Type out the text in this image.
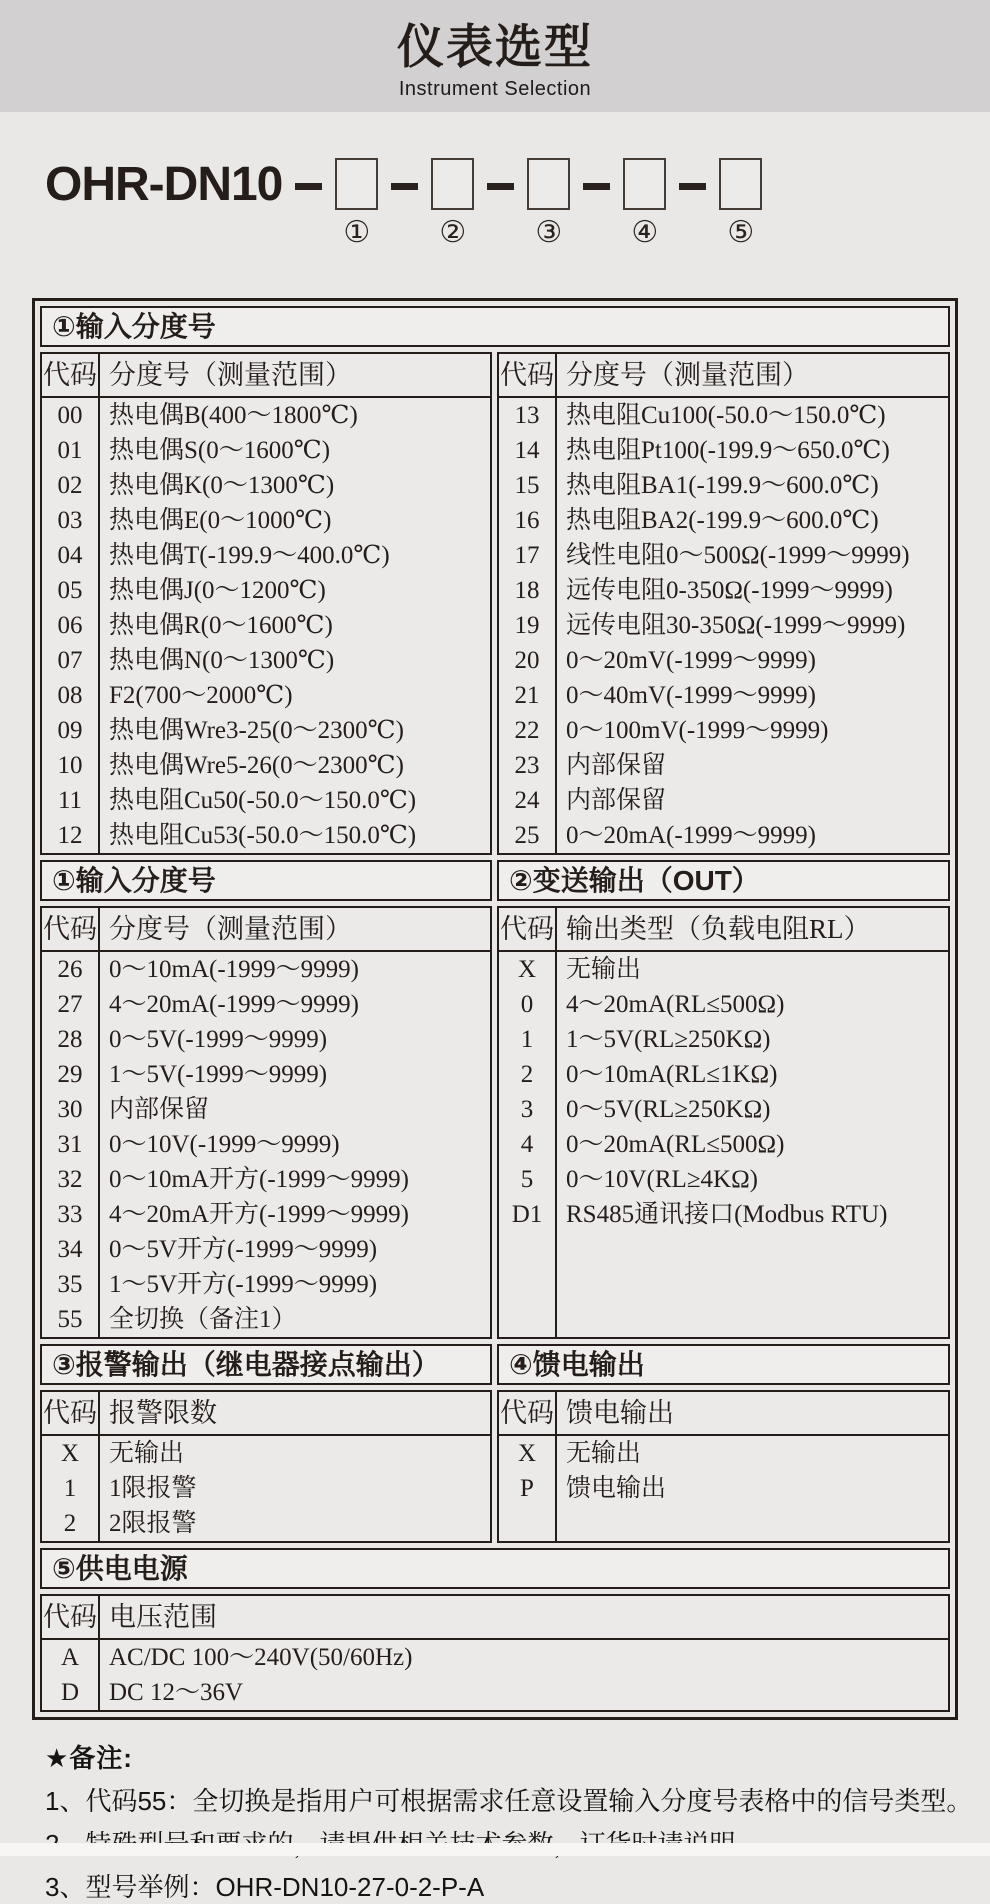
仪表选型
Instrument Selection
OHR-DN10
① ② ③ ④ ⑤
①输入分度号
代码 分度号（测量范围）
00	热电偶B(400～1800℃)
01	热电偶S(0～1600℃)
02	热电偶K(0～1300℃)
03	热电偶E(0～1000℃)
04	热电偶T(-199.9～400.0℃)
05	热电偶J(0～1200℃)
06	热电偶R(0～1600℃)
07	热电偶N(0～1300℃)
08	F2(700～2000℃)
09	热电偶Wre3-25(0～2300℃)
10	热电偶Wre5-26(0～2300℃)
11	热电阻Cu50(-50.0～150.0℃)
12	热电阻Cu53(-50.0～150.0℃)
代码 分度号（测量范围）
13	热电阻Cu100(-50.0～150.0℃)
14	热电阻Pt100(-199.9～650.0℃)
15	热电阻BA1(-199.9～600.0℃)
16	热电阻BA2(-199.9～600.0℃)
17	线性电阻0～500Ω(-1999～9999)
18	远传电阻0-350Ω(-1999～9999)
19	远传电阻30-350Ω(-1999～9999)
20	0～20mV(-1999～9999)
21	0～40mV(-1999～9999)
22	0～100mV(-1999～9999)
23	内部保留
24	内部保留
25	0～20mA(-1999～9999)
①输入分度号	②变送输出（OUT）
代码 分度号（测量范围）
26	0～10mA(-1999～9999)
27	4～20mA(-1999～9999)
28	0～5V(-1999～9999)
29	1～5V(-1999～9999)
30	内部保留
31	0～10V(-1999～9999)
32	0～10mA开方(-1999～9999)
33	4～20mA开方(-1999～9999)
34	0～5V开方(-1999～9999)
35	1～5V开方(-1999～9999)
55	全切换（备注1）
代码 输出类型（负载电阻RL）
X	无输出
0	4～20mA(RL≤500Ω)
1	1～5V(RL≥250KΩ)
2	0～10mA(RL≤1KΩ)
3	0～5V(RL≥250KΩ)
4	0～20mA(RL≤500Ω)
5	0～10V(RL≥4KΩ)
D1 RS485通讯接口(Modbus RTU)
③报警输出（继电器接点输出）	④馈电输出
代码 报警限数
X	无输出
1	1限报警
2	2限报警
代码 馈电输出
X	无输出
P	馈电输出
⑤供电电源
代码 电压范围
A	AC/DC 100～240V(50/60Hz)
D	DC 12～36V
★备注:
1、代码55：全切换是指用户可根据需求任意设置输入分度号表格中的信号类型。
3、型号举例：OHR-DN10-27-0-2-P-A
